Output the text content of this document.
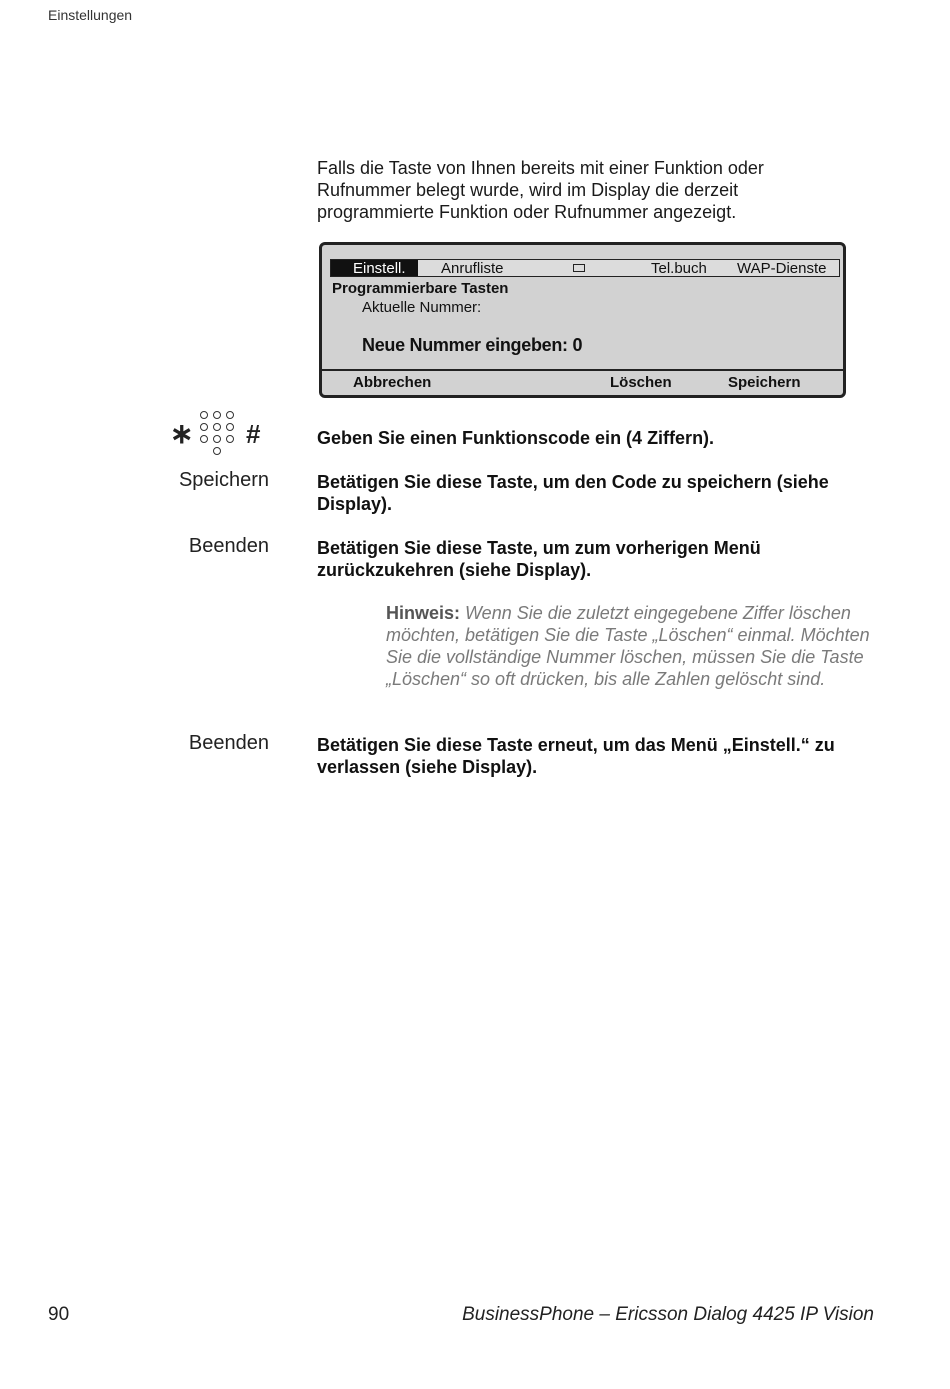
Einstellungen
Falls die Taste von Ihnen bereits mit einer Funktion oder Rufnummer belegt wurde, wird im Display die derzeit programmierte Funktion oder Rufnummer angezeigt.
Einstell.	Anrufliste	Tel.buch WAP-Dienste
Programmierbare Tasten
Aktuelle Nummer:
Neue Nummer eingeben: 0
Abbrechen	Löschen	Speichern
∗ #	Geben Sie einen Funktionscode ein (4 Ziffern).
Speichern	Betätigen Sie diese Taste, um den Code zu speichern (siehe Display).
Beenden	Betätigen Sie diese Taste, um zum vorherigen Menü zurückzukehren (siehe Display).
Hinweis: Wenn Sie die zuletzt eingegebene Ziffer löschen möchten, betätigen Sie die Taste „Löschen“ einmal. Möchten Sie die vollständige Nummer löschen, müssen Sie die Taste „Löschen“ so oft drücken, bis alle Zahlen gelöscht sind.
Beenden	Betätigen Sie diese Taste erneut, um das Menü „Einstell.“ zu verlassen (siehe Display).
90	BusinessPhone – Ericsson Dialog 4425 IP Vision
